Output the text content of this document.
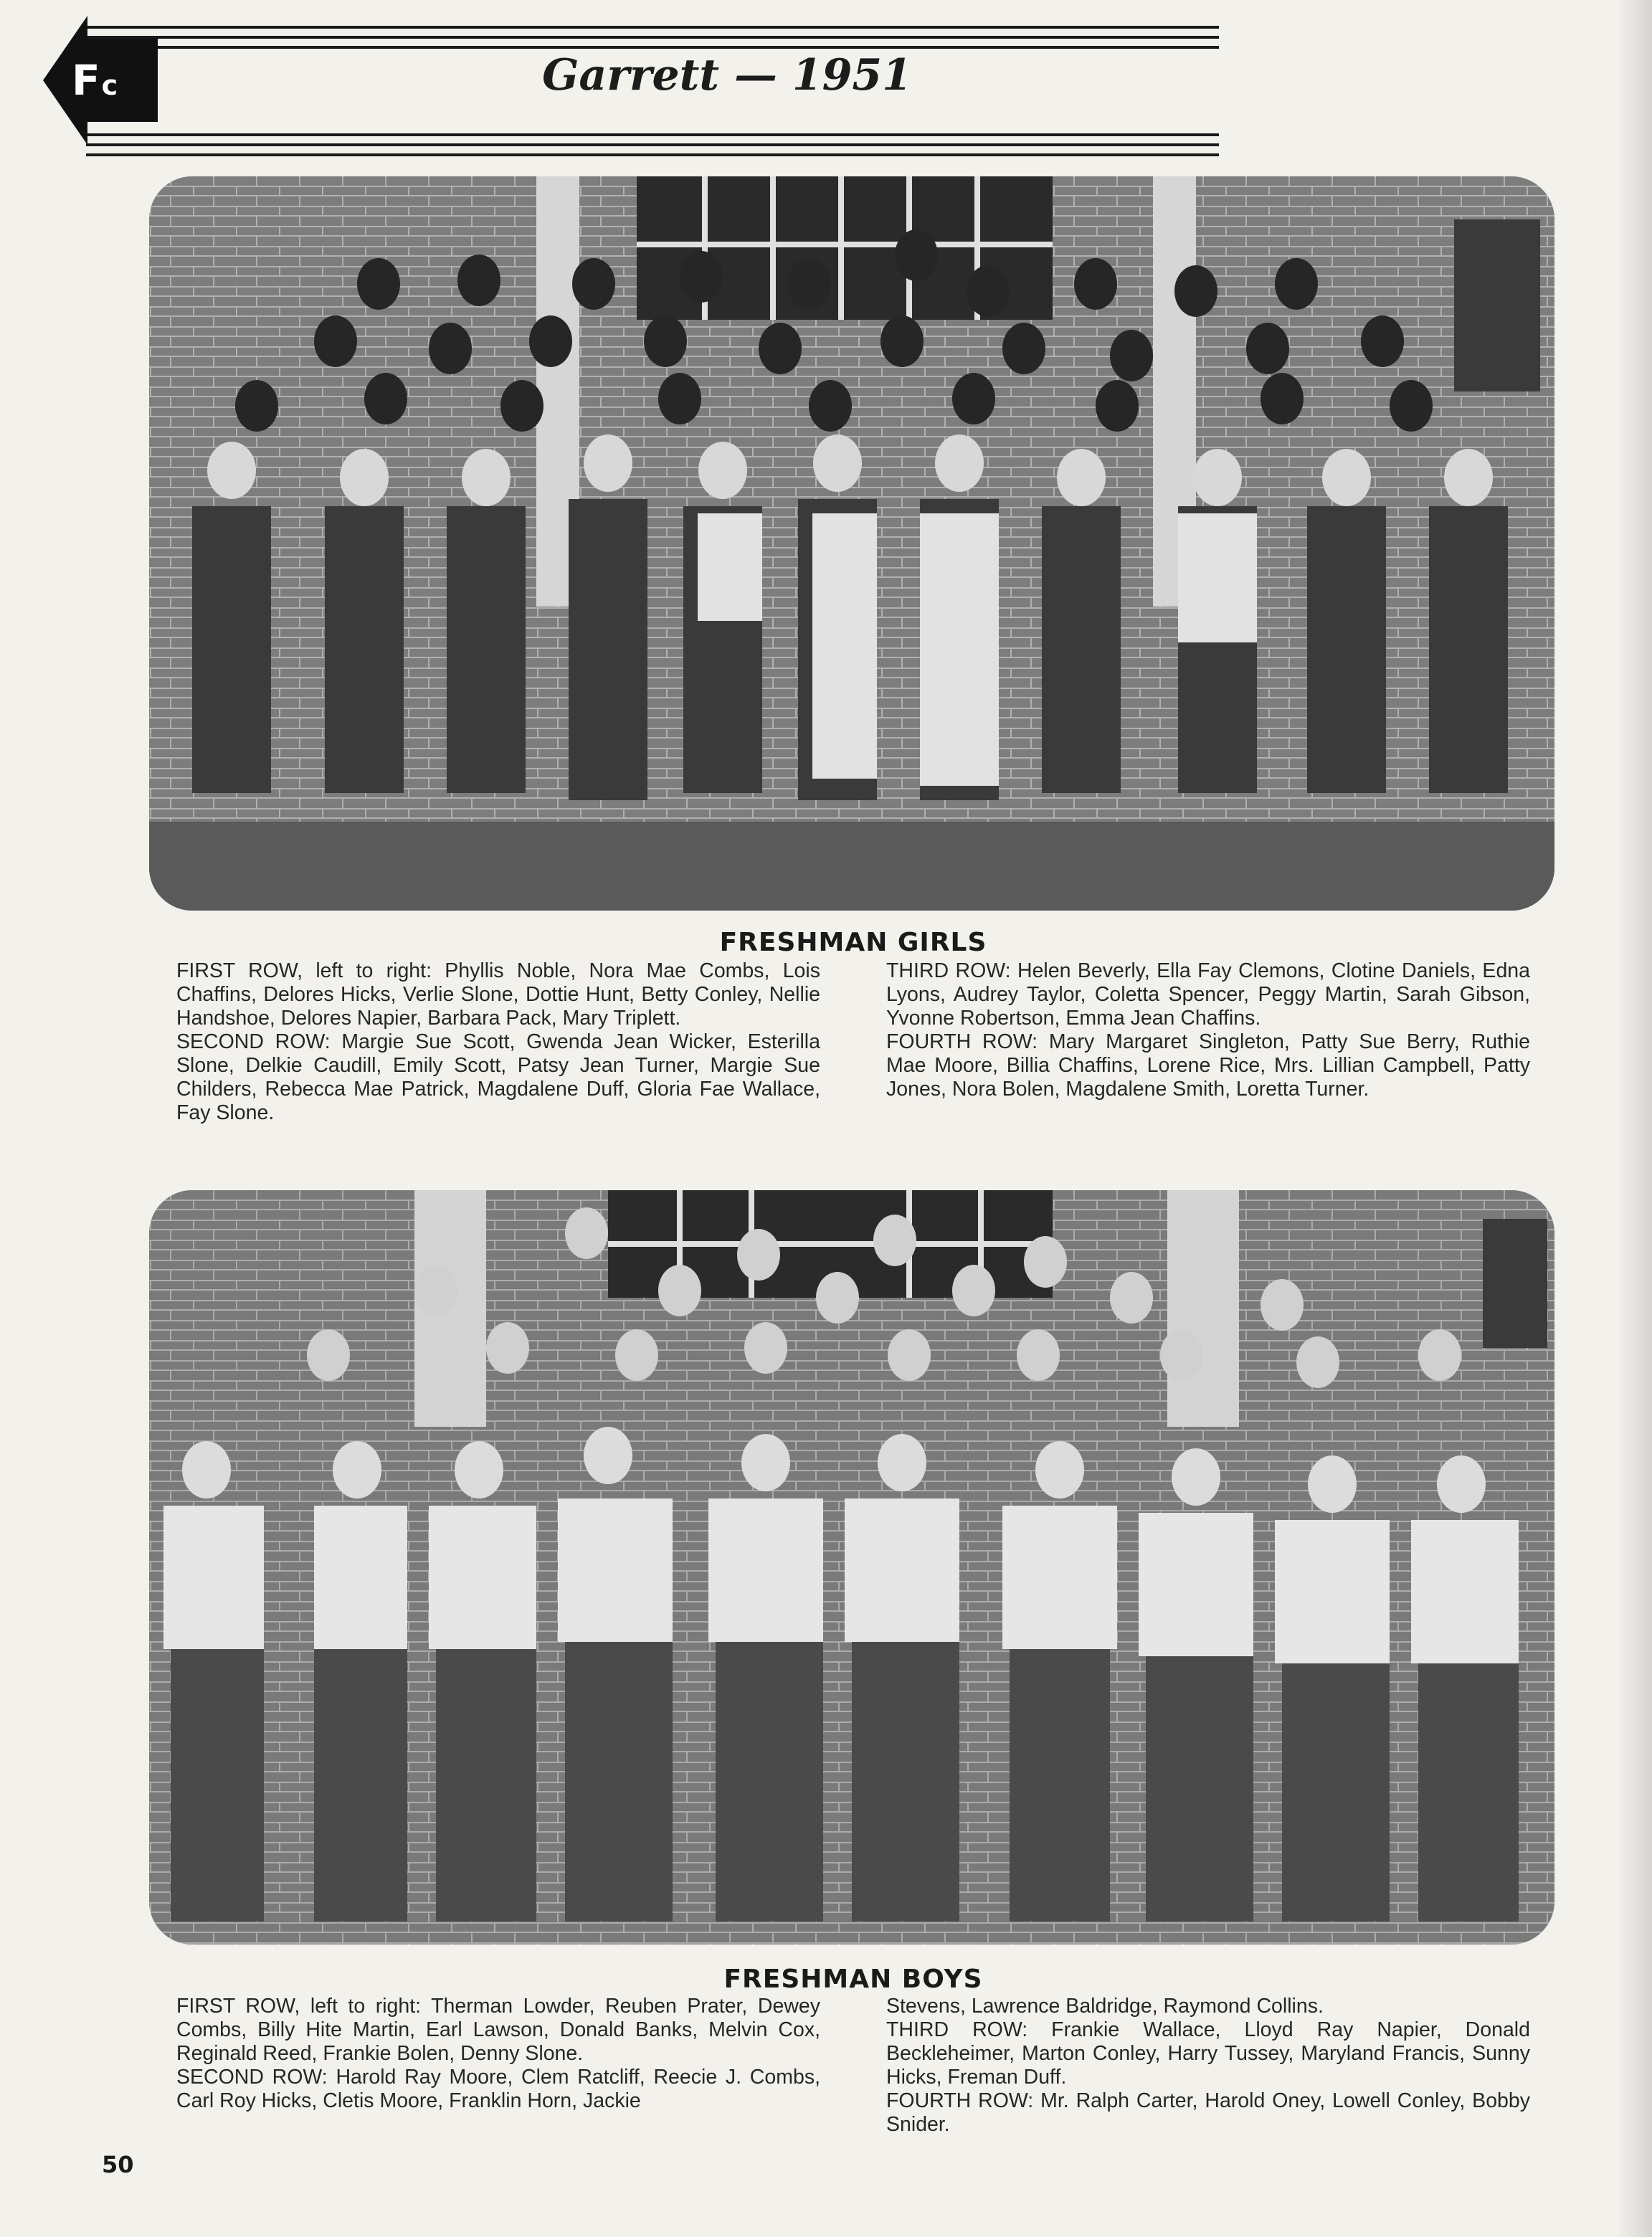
Fc	Garrett — 1951
FRESHMAN GIRLS

FIRST ROW, left to right: Phyllis Noble, Nora Mae Combs, Lois Chaffins, Delores Hicks, Verlie Slone, Dottie Hunt, Betty Conley, Nellie Handshoe, Delores Napier, Barbara Pack, Mary Triplett.

SECOND ROW: Margie Sue Scott, Gwenda Jean Wicker, Esterilla Slone, Delkie Caudill, Emily Scott, Patsy Jean Turner, Margie Sue Childers, Rebecca Mae Patrick, Magdalene Duff, Gloria Fae Wallace, Fay Slone.

THIRD ROW: Helen Beverly, Ella Fay Clemons, Clotine Daniels, Edna Lyons, Audrey Taylor, Coletta Spencer, Peggy Martin, Sarah Gibson, Yvonne Robertson, Emma Jean Chaffins.

FOURTH ROW: Mary Margaret Singleton, Patty Sue Berry, Ruthie Mae Moore, Billia Chaffins, Lorene Rice, Mrs. Lillian Campbell, Patty Jones, Nora Bolen, Magdalene Smith, Loretta Turner.

FRESHMAN BOYS

FIRST ROW, left to right: Therman Lowder, Reuben Prater, Dewey Combs, Billy Hite Martin, Earl Lawson, Donald Banks, Melvin Cox, Reginald Reed, Frankie Bolen, Denny Slone.

SECOND ROW: Harold Ray Moore, Clem Ratcliff, Reecie J. Combs, Carl Roy Hicks, Cletis Moore, Franklin Horn, Jackie

Stevens, Lawrence Baldridge, Raymond Collins.

THIRD ROW: Frankie Wallace, Lloyd Ray Napier, Donald Beckleheimer, Marton Conley, Harry Tussey, Maryland Francis, Sunny Hicks, Freman Duff.

FOURTH ROW: Mr. Ralph Carter, Harold Oney, Lowell Conley, Bobby Snider.

50
